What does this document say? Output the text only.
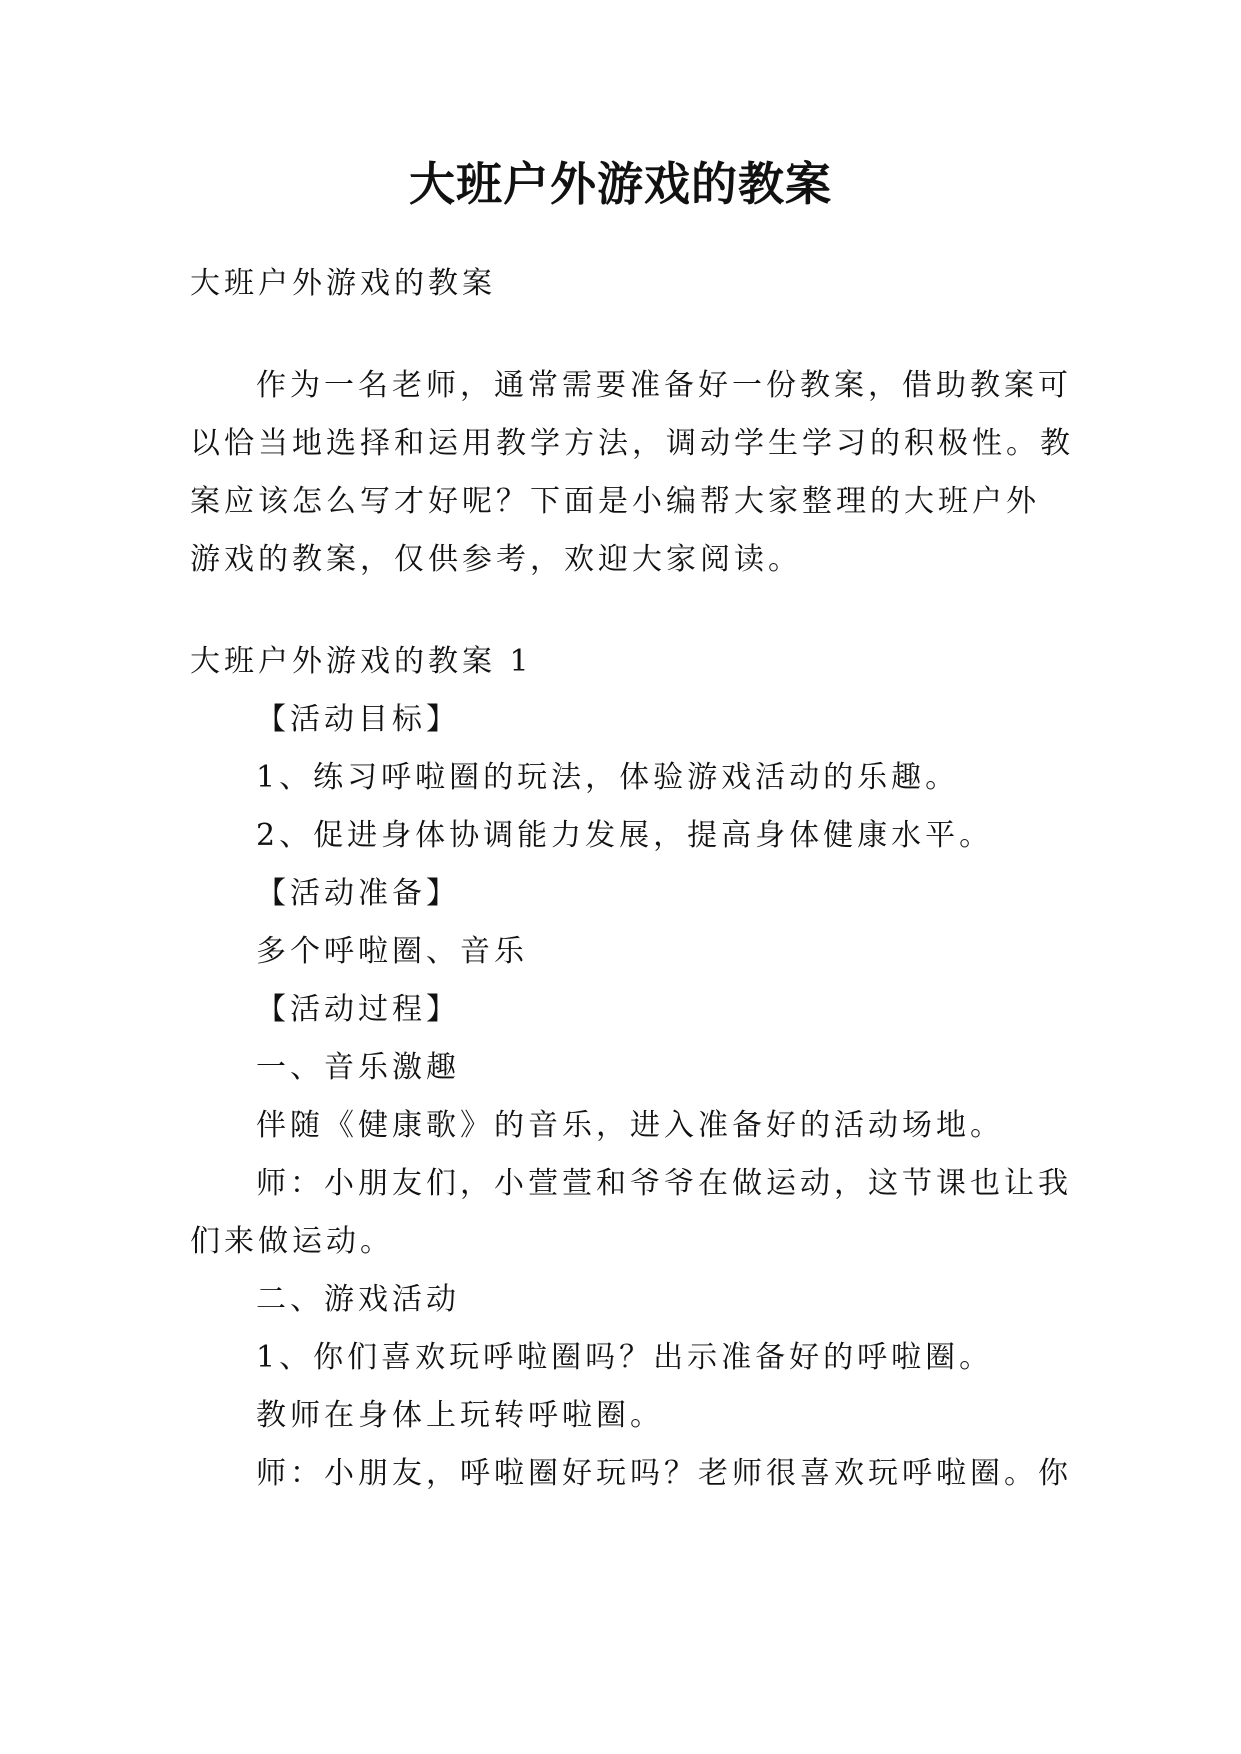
大班户外游戏的教案
大班户外游戏的教案
作为一名老师，通常需要准备好一份教案，借助教案可
以恰当地选择和运用教学方法，调动学生学习的积极性。教
案应该怎么写才好呢？下面是小编帮大家整理的大班户外
游戏的教案，仅供参考，欢迎大家阅读。
大班户外游戏的教案 1
【活动目标】
1、练习呼啦圈的玩法，体验游戏活动的乐趣。
2、促进身体协调能力发展，提高身体健康水平。
【活动准备】
多个呼啦圈、音乐
【活动过程】
一、音乐激趣
伴随《健康歌》的音乐，进入准备好的活动场地。
师：小朋友们，小萱萱和爷爷在做运动，这节课也让我
们来做运动。
二、游戏活动
1、你们喜欢玩呼啦圈吗？出示准备好的呼啦圈。
教师在身体上玩转呼啦圈。
师：小朋友，呼啦圈好玩吗？老师很喜欢玩呼啦圈。你
